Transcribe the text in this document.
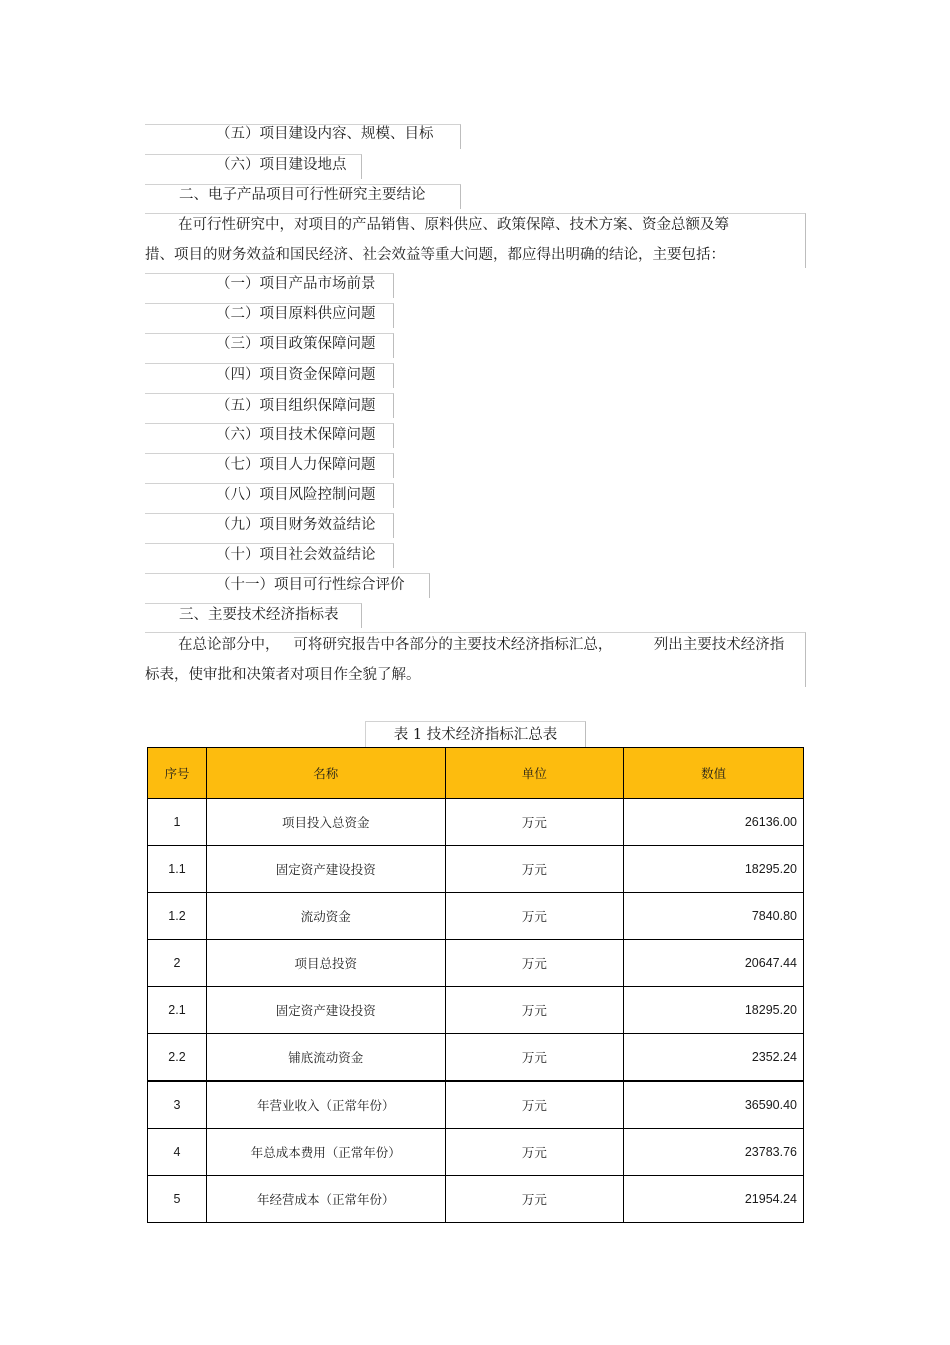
（五）项目建设内容、规模、目标
（六）项目建设地点
二、电子产品项目可行性研究主要结论
在可行性研究中，对项目的产品销售、原料供应、政策保障、技术方案、资金总额及筹
措、项目的财务效益和国民经济、社会效益等重大问题，都应得出明确的结论，主要包括：
（一）项目产品市场前景
（二）项目原料供应问题
（三）项目政策保障问题
（四）项目资金保障问题
（五）项目组织保障问题
（六）项目技术保障问题
（七）项目人力保障问题
（八）项目风险控制问题
（九）项目财务效益结论
（十）项目社会效益结论
（十一）项目可行性综合评价
三、主要技术经济指标表
在总论部分中，   可将研究报告中各部分的主要技术经济指标汇总，         列出主要技术经济指
标表，使审批和决策者对项目作全貌了解。
表 1 技术经济指标汇总表
序号	名称	单位	数值
1	项目投入总资金	万元	26136.00
1.1	固定资产建设投资	万元	18295.20
1.2	流动资金	万元	7840.80
2	项目总投资	万元	20647.44
2.1	固定资产建设投资	万元	18295.20
2.2	铺底流动资金	万元	2352.24
3	年营业收入（正常年份）	万元	36590.40
4	年总成本费用（正常年份）	万元	23783.76
5	年经营成本（正常年份）	万元	21954.24
